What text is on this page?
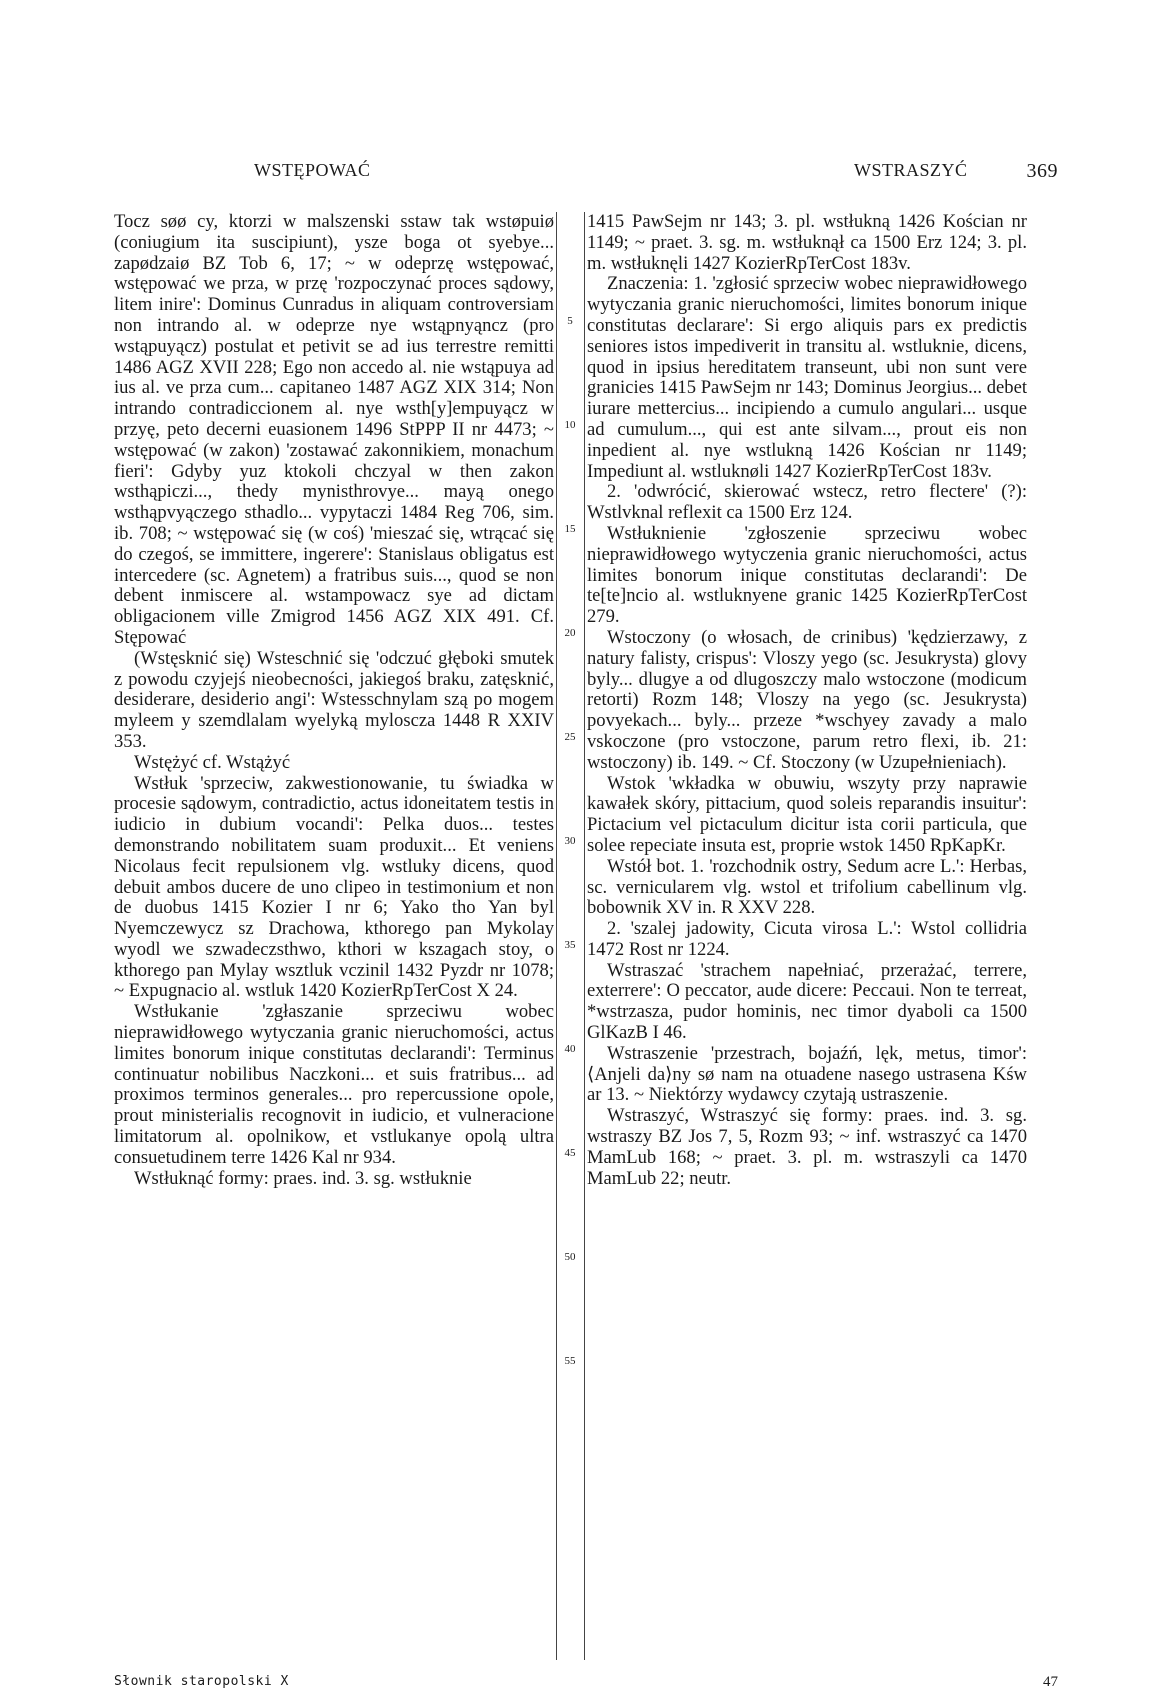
WSTĘPOWAĆ	WSTRASZYĆ	369

Tocz søø cy, ktorzi w malszenski sstaw tak wstøpuiø (coniugium ita suscipiunt), ysze boga ot syebye... zapødzaiø BZ Tob 6, 17; ~ w odeprzę wstępować, wstępować we prza, w przę 'rozpoczynać proces sądowy, litem inire': Dominus Cunradus in aliquam controversiam non intrando al. w odeprze nye wstąpnyąncz (pro wstąpuyącz) postulat et petivit se ad ius terrestre remitti 1486 AGZ XVII 228; Ego non accedo al. nie wstąpuya ad ius al. ve prza cum... capitaneo 1487 AGZ XIX 314; Non intrando contradiccionem al. nye wsth[y]empuyącz w przyę, peto decerni euasionem 1496 StPPP II nr 4473; ~ wstępować (w zakon) 'zostawać zakonnikiem, monachum fieri': Gdyby yuz ktokoli chczyal w then zakon wsthąpiczi..., thedy mynisthrovye... mayą onego wsthąpvyączego sthadlo... vypytaczi 1484 Reg 706, sim. ib. 708; ~ wstępować się (w coś) 'mieszać się, wtrącać się do czegoś, se immittere, ingerere': Stanislaus obligatus est intercedere (sc. Agnetem) a fratribus suis..., quod se non debent inmiscere al. wstampowacz sye ad dictam obligacionem ville Zmigrod 1456 AGZ XIX 491. Cf. Stępować

(Wstęsknić się) Wsteschnić się 'odczuć głęboki smutek z powodu czyjejś nieobecności, jakiegoś braku, zatęsknić, desiderare, desiderio angi': Wstesschnylam szą po mogem myleem y szemdlalam wyelyką myloscza 1448 R XXIV 353.

Wstężyć cf. Wstążyć

Wstłuk 'sprzeciw, zakwestionowanie, tu świadka w procesie sądowym, contradictio, actus idoneitatem testis in iudicio in dubium vocandi': Pelka duos... testes demonstrando nobilitatem suam produxit... Et veniens Nicolaus fecit repulsionem vlg. wstluky dicens, quod debuit ambos ducere de uno clipeo in testimonium et non de duobus 1415 Kozier I nr 6; Yako tho Yan byl Nyemczewycz sz Drachowa, kthorego pan Mykolay wyodl we szwadeczsthwo, kthori w kszagach stoy, o kthorego pan Mylay wsztluk vczinil 1432 Pyzdr nr 1078; ~ Expugnacio al. wstluk 1420 KozierRpTerCost X 24.

Wstłukanie 'zgłaszanie sprzeciwu wobec nieprawidłowego wytyczania granic nieruchomości, actus limites bonorum inique constitutas declarandi': Terminus continuatur nobilibus Naczkoni... et suis fratribus... ad proximos terminos generales... pro repercussione opole, prout ministerialis recognovit in iudicio, et vulneracione limitatorum al. opolnikow, et vstlukanye opolą ultra consuetudinem terre 1426 Kal nr 934.

Wstłuknąć formy: praes. ind. 3. sg. wstłuknie

5
10
15
20
25
30
35
40
45
50
55

1415 PawSejm nr 143; 3. pl. wstłukną 1426 Kościan nr 1149; ~ praet. 3. sg. m. wstłuknął ca 1500 Erz 124; 3. pl. m. wstłuknęli 1427 KozierRpTerCost 183v.

Znaczenia: 1. 'zgłosić sprzeciw wobec nieprawidłowego wytyczania granic nieruchomości, limites bonorum inique constitutas declarare': Si ergo aliquis pars ex predictis seniores istos impediverit in transitu al. wstluknie, dicens, quod in ipsius hereditatem transeunt, ubi non sunt vere granicies 1415 PawSejm nr 143; Dominus Jeorgius... debet iurare mettercius... incipiendo a cumulo angulari... usque ad cumulum..., qui est ante silvam..., prout eis non inpedient al. nye wstlukną 1426 Kościan nr 1149; Impediunt al. wstluknøli 1427 KozierRpTerCost 183v.

2. 'odwrócić, skierować wstecz, retro flectere' (?): Wstlvknal reflexit ca 1500 Erz 124.

Wstłuknienie 'zgłoszenie sprzeciwu wobec nieprawidłowego wytyczenia granic nieruchomości, actus limites bonorum inique constitutas declarandi': De te[te]ncio al. wstluknyene granic 1425 KozierRpTerCost 279.

Wstoczony (o włosach, de crinibus) 'kędzierzawy, z natury falisty, crispus': Vloszy yego (sc. Jesukrysta) glovy byly... dlugye a od dlugoszczy malo wstoczone (modicum retorti) Rozm 148; Vloszy na yego (sc. Jesukrysta) povyekach... byly... przeze *wschyey zavady a malo vskoczone (pro vstoczone, parum retro flexi, ib. 21: wstoczony) ib. 149. ~ Cf. Stoczony (w Uzupełnieniach).

Wstok 'wkładka w obuwiu, wszyty przy naprawie kawałek skóry, pittacium, quod soleis reparandis insuitur': Pictacium vel pictaculum dicitur ista corii particula, que solee repeciate insuta est, proprie wstok 1450 RpKapKr.

Wstół bot. 1. 'rozchodnik ostry, Sedum acre L.': Herbas, sc. vernicularem vlg. wstol et trifolium cabellinum vlg. bobownik XV in. R XXV 228.

2. 'szalej jadowity, Cicuta virosa L.': Wstol collidria 1472 Rost nr 1224.

Wstraszać 'strachem napełniać, przerażać, terrere, exterrere': O peccator, aude dicere: Peccaui. Non te terreat, *wstrzasza, pudor hominis, nec timor dyaboli ca 1500 GlKazB I 46.

Wstraszenie 'przestrach, bojaźń, lęk, metus, timor': ⟨Anjeli da⟩ny sø nam na otuadene nasego ustrasena Kśw ar 13. ~ Niektórzy wydawcy czytają ustraszenie.

Wstraszyć, Wstraszyć się formy: praes. ind. 3. sg. wstraszy BZ Jos 7, 5, Rozm 93; ~ inf. wstraszyć ca 1470 MamLub 168; ~ praet. 3. pl. m. wstraszyli ca 1470 MamLub 22; neutr.

Słownik staropolski X	47
